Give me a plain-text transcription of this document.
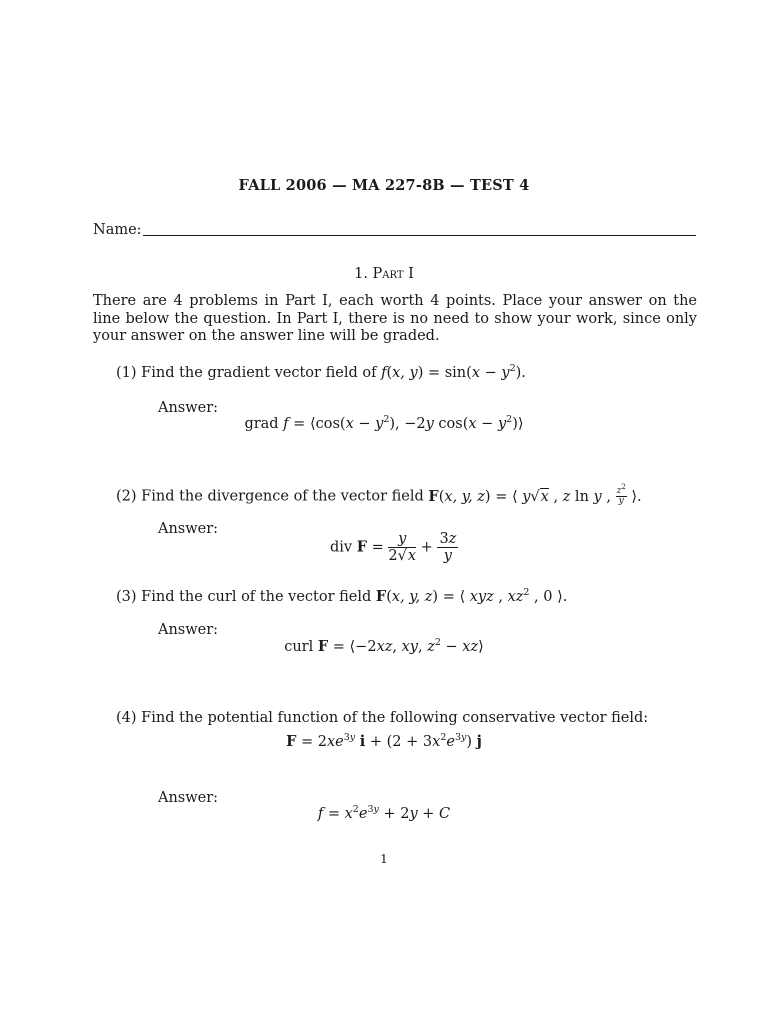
FALL 2006 — MA 227-8B — TEST 4
Name:
1. Part I
There are 4 problems in Part I, each worth 4 points. Place your answer on the line below the question. In Part I, there is no need to show your work, since only your answer on the answer line will be graded.
(1) Find the gradient vector field of f(x, $y) = \sin(x - y^2)$.
Answer:
grad f = ⟨cos(x − $y^2$), −2y $\cos(x - y^2)⟩$
(2) Find the divergence of the vector field F(x, y, z) = ⟨ y√x , z ln y , $\frac{z^2}{y}$ ⟩.
Answer:
div $F = \frac{y}{2√x} + \frac{3z}{y}$
(3) Find the curl of the vector field F(x, y, z) = ⟨ xyz , $xz^2$ , 0 ⟩.
Answer:
curl F = ⟨−2xz, xy, $z^2$ − xz⟩
(4) Find the potential function of the following conservative vector field:
$F = 2xe^{3y}$ $i + (2 + 3x^2e^{3y})$ j
Answer:
$f = x^2e^{3y} + 2y + C$
1
